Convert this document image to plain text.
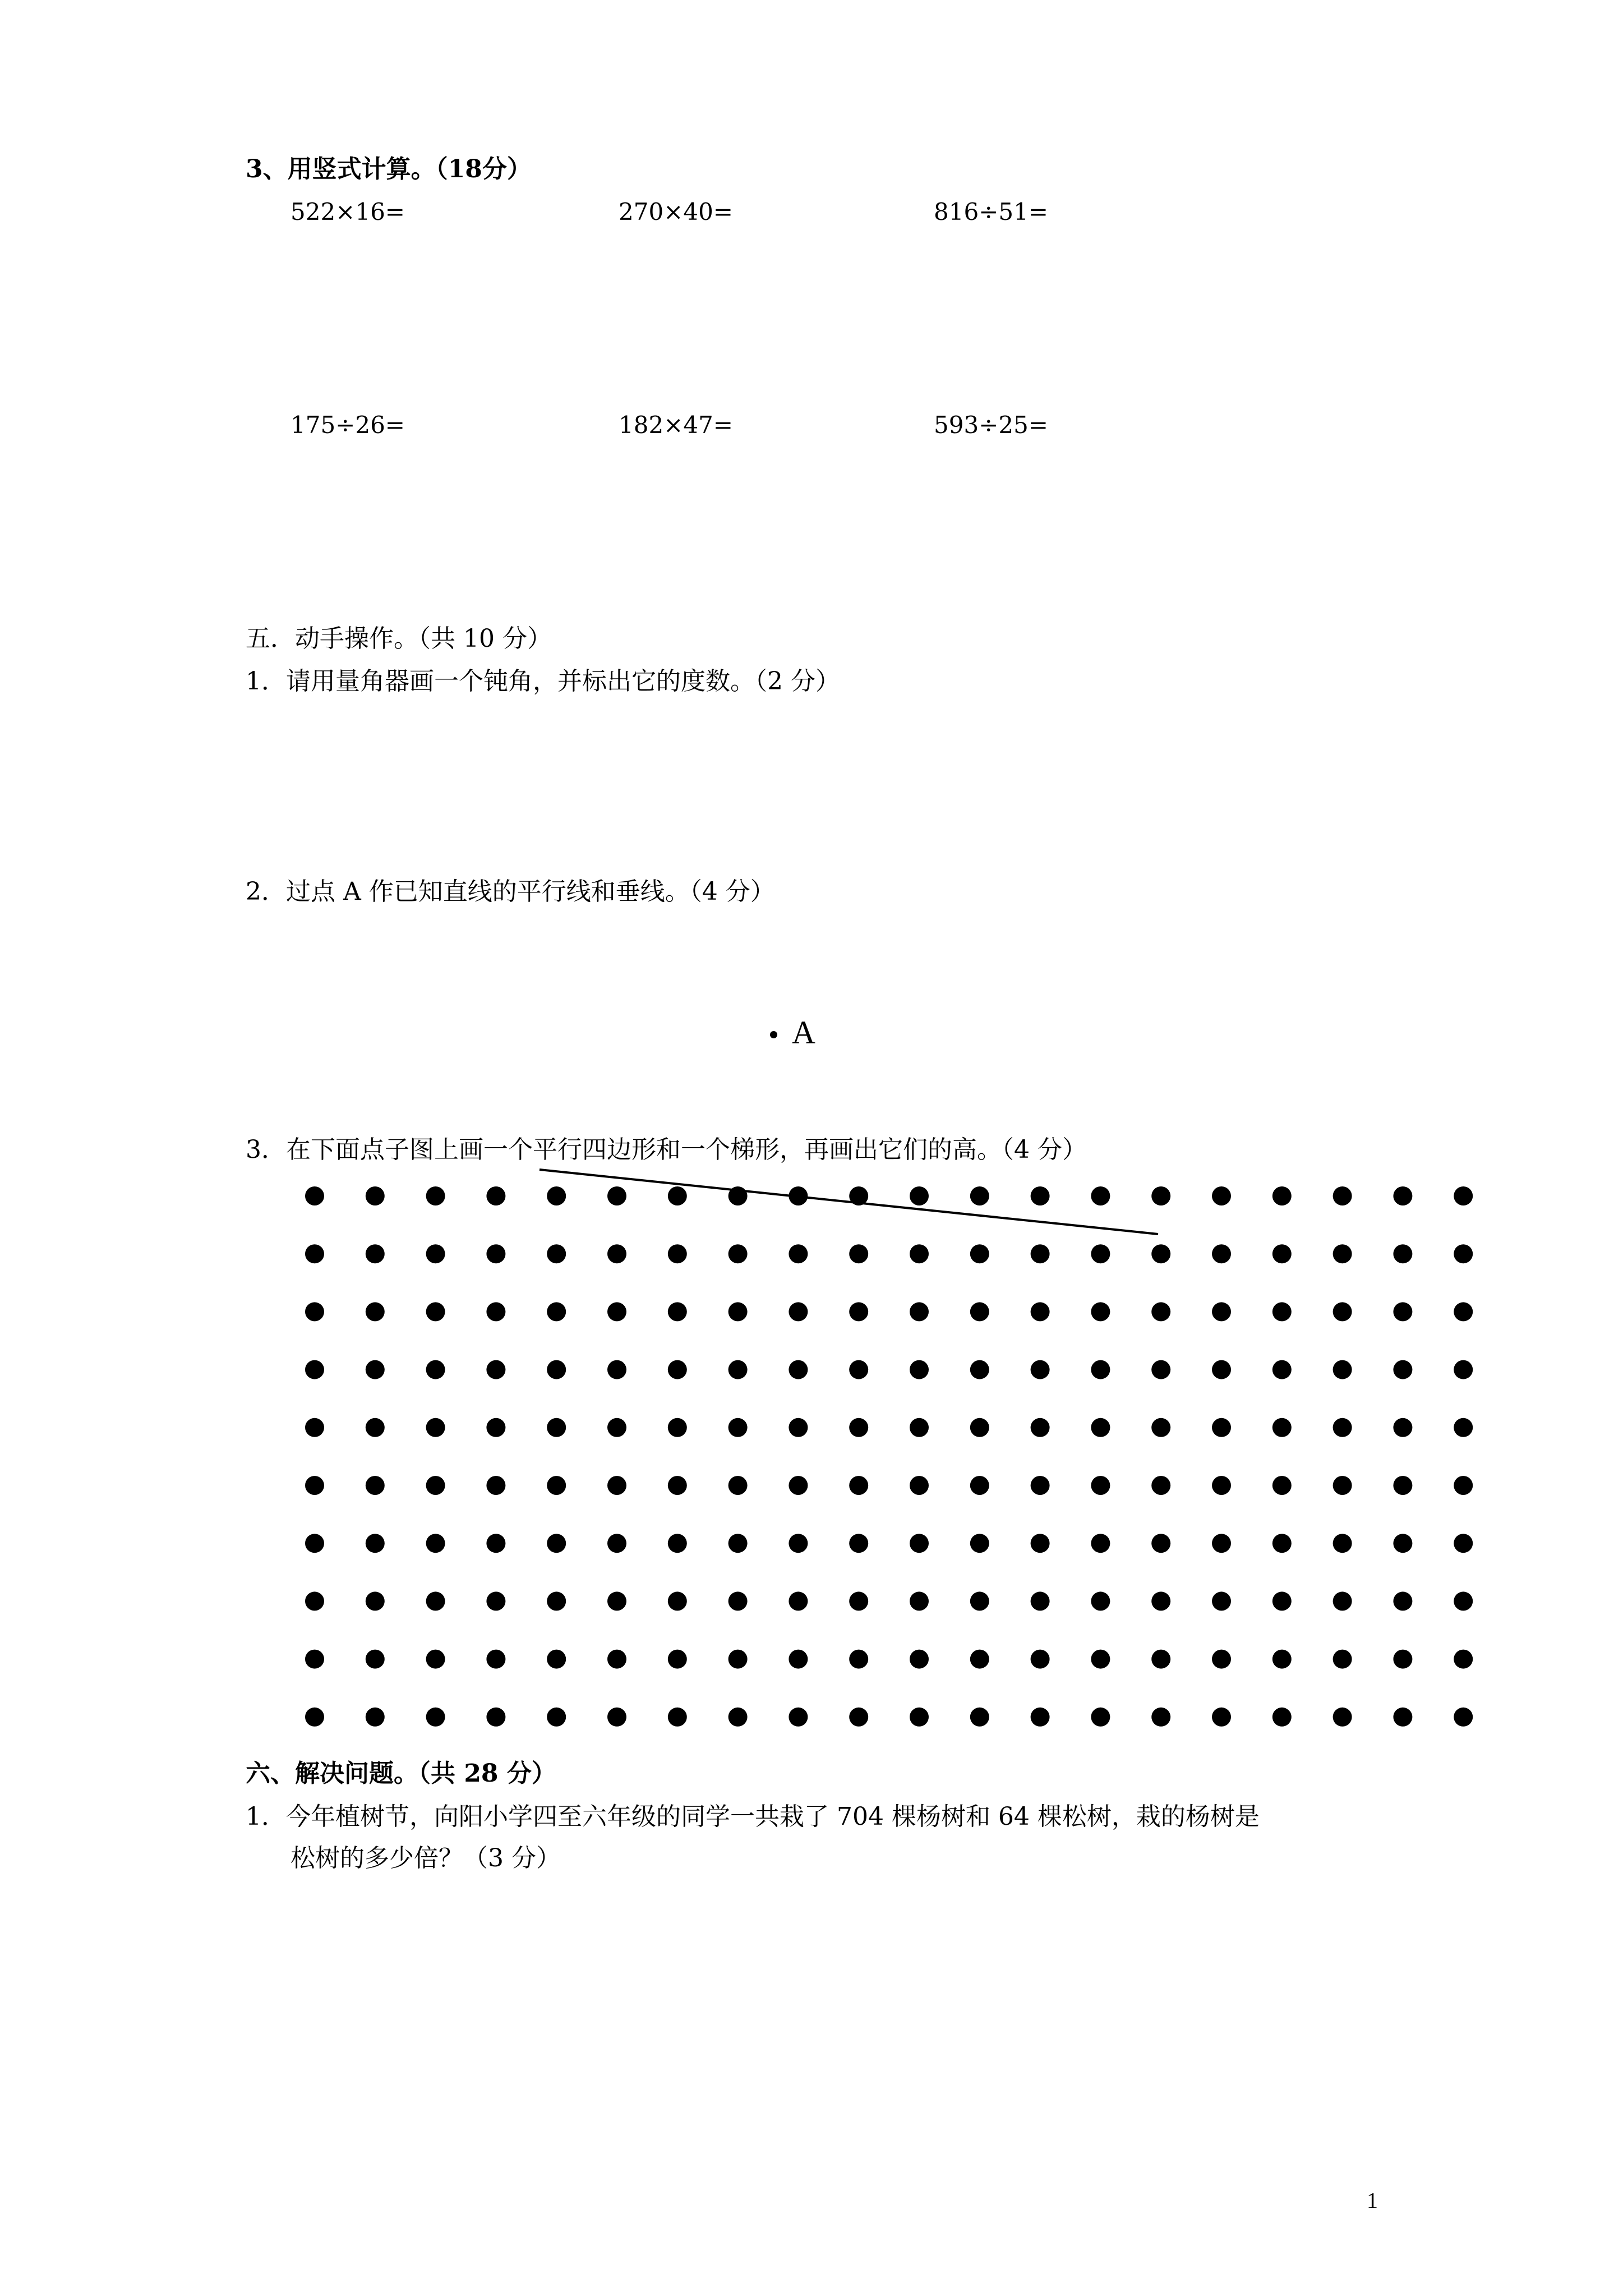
3、用竖式计算。（18分）
522×16=	270×40=	816÷51=
175÷26=	182×47=	593÷25=
五．动手操作。（共 10 分）
1．请用量角器画一个钝角，并标出它的度数。（2 分）
2．过点 A 作已知直线的平行线和垂线。（4 分）
A
3．在下面点子图上画一个平行四边形和一个梯形，再画出它们的高。（4 分）
六、解决问题。（共 28 分）
1．今年植树节，向阳小学四至六年级的同学一共栽了 704 棵杨树和 64 棵松树，栽的杨树是
松树的多少倍？（3 分）
1
